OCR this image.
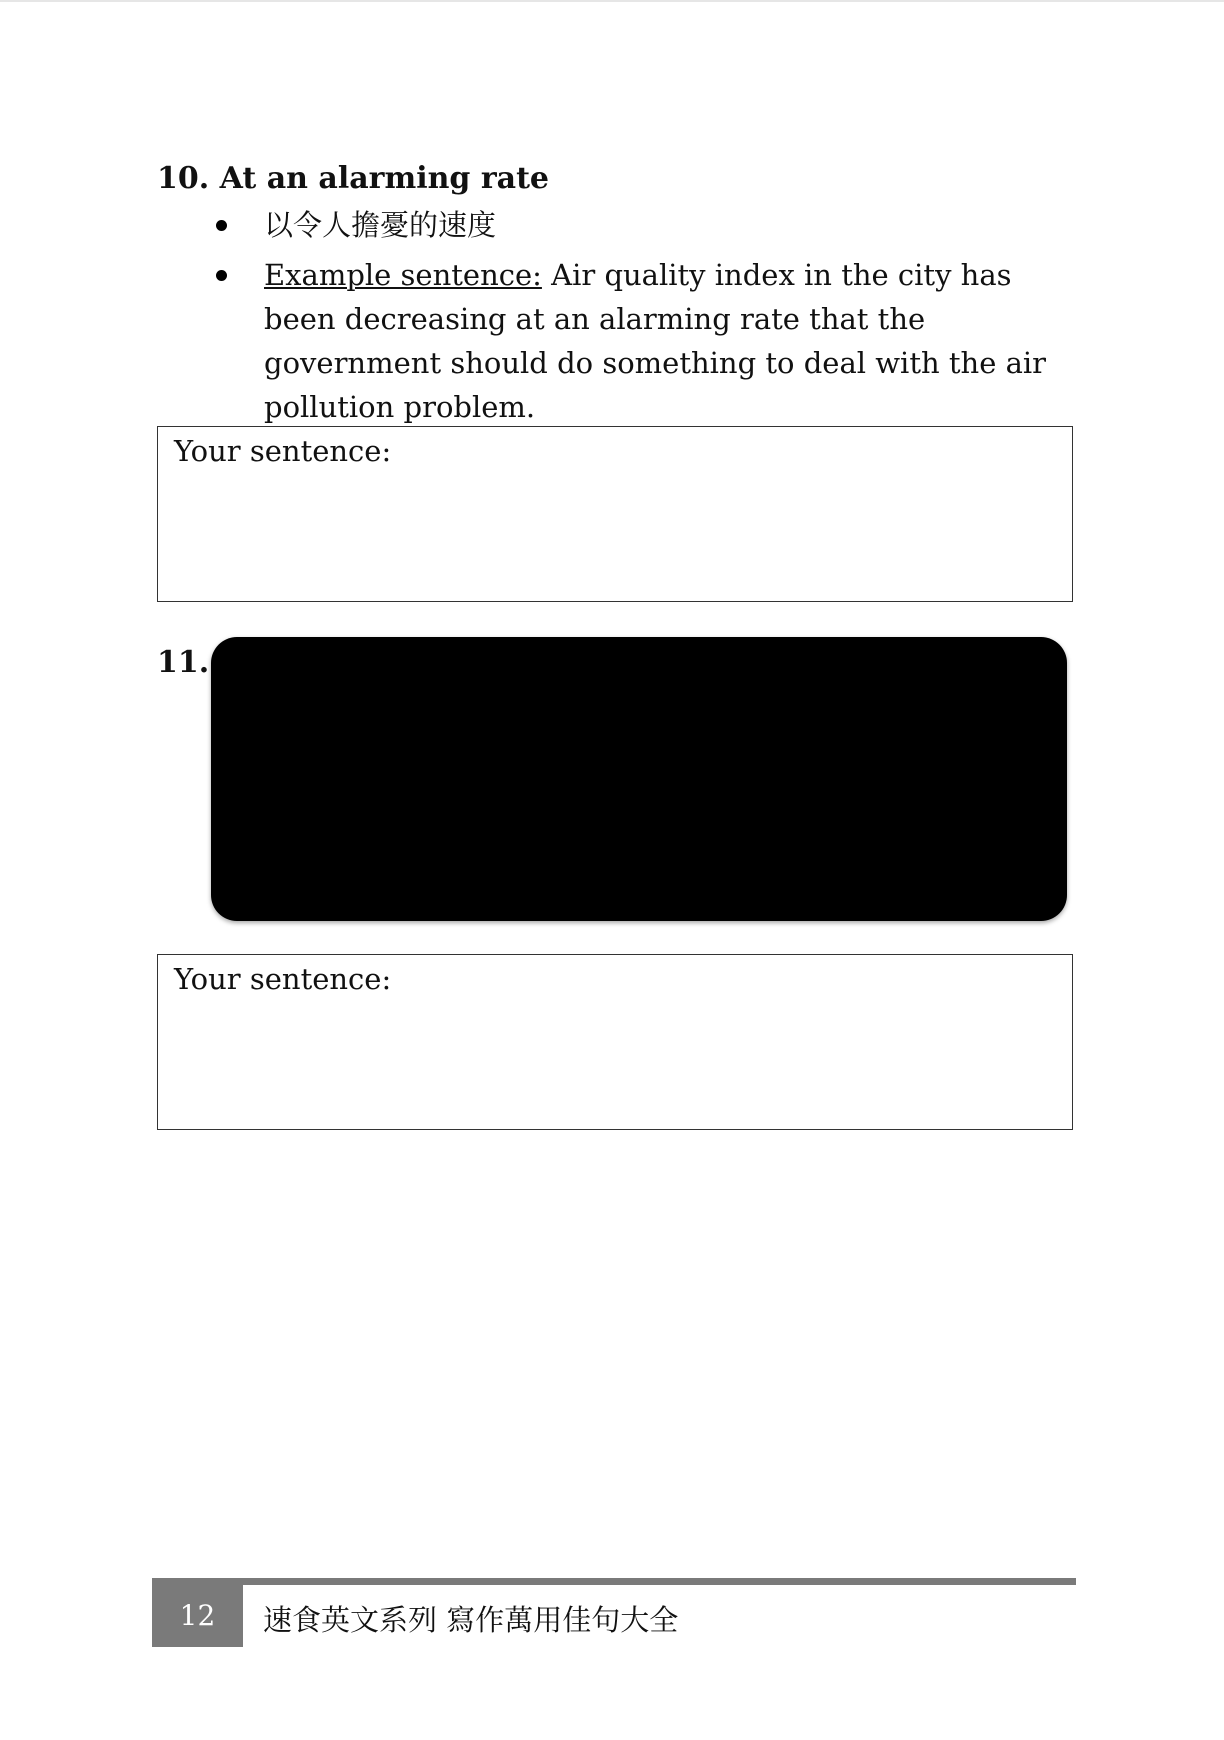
10. At an alarming rate
以令人擔憂的速度
Example sentence: Air quality index in the city has been decreasing at an alarming rate that the government should do something to deal with the air pollution problem.
Your sentence:
11.
Your sentence:
12	速食英文系列 寫作萬用佳句大全
